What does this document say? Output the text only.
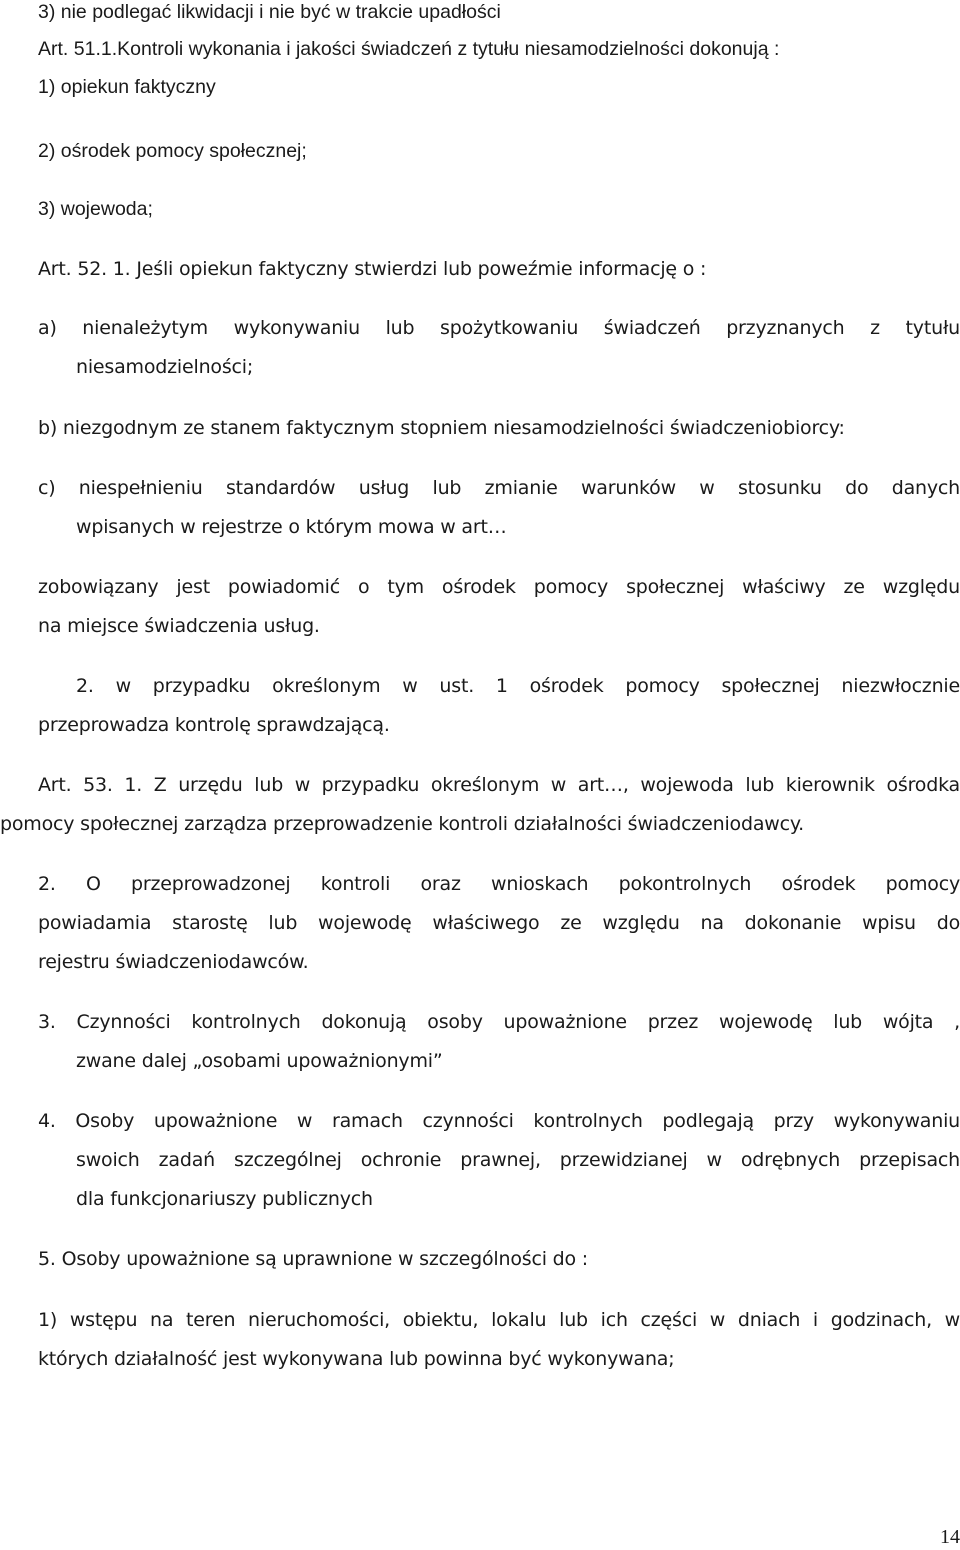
3) nie podlegać likwidacji i nie być w trakcie upadłości
Art. 51.1.Kontroli wykonania i jakości świadczeń z tytułu niesamodzielności dokonują :
1) opiekun faktyczny
2) ośrodek pomocy społecznej;
3) wojewoda;
Art. 52. 1. Jeśli opiekun faktyczny stwierdzi lub poweźmie informację o :
a) nienależytym wykonywaniu lub spożytkowaniu świadczeń przyznanych z tytułu
niesamodzielności;
b) niezgodnym ze stanem faktycznym stopniem niesamodzielności świadczeniobiorcy:
c) niespełnieniu standardów usług lub zmianie warunków w stosunku do danych
wpisanych w rejestrze o którym mowa w art…
zobowiązany jest powiadomić o tym ośrodek pomocy społecznej właściwy ze względu
na miejsce świadczenia usług.
2. w przypadku określonym w ust. 1 ośrodek pomocy społecznej niezwłocznie
przeprowadza kontrolę sprawdzającą.
Art. 53. 1. Z urzędu lub w przypadku określonym w art…, wojewoda lub kierownik ośrodka
pomocy społecznej zarządza przeprowadzenie kontroli działalności świadczeniodawcy.
2. O przeprowadzonej kontroli oraz wnioskach pokontrolnych ośrodek pomocy
powiadamia starostę lub wojewodę właściwego ze względu na dokonanie wpisu do
rejestru świadczeniodawców.
3. Czynności kontrolnych dokonują osoby upoważnione przez wojewodę lub wójta ,
zwane dalej „osobami upoważnionymi”
4. Osoby upoważnione w ramach czynności kontrolnych podlegają przy wykonywaniu
swoich zadań szczególnej ochronie prawnej, przewidzianej w odrębnych przepisach
dla funkcjonariuszy publicznych
5. Osoby upoważnione są uprawnione w szczególności do :
1) wstępu na teren nieruchomości, obiektu, lokalu lub ich części w dniach i godzinach, w
których działalność jest wykonywana lub powinna być wykonywana;
14
